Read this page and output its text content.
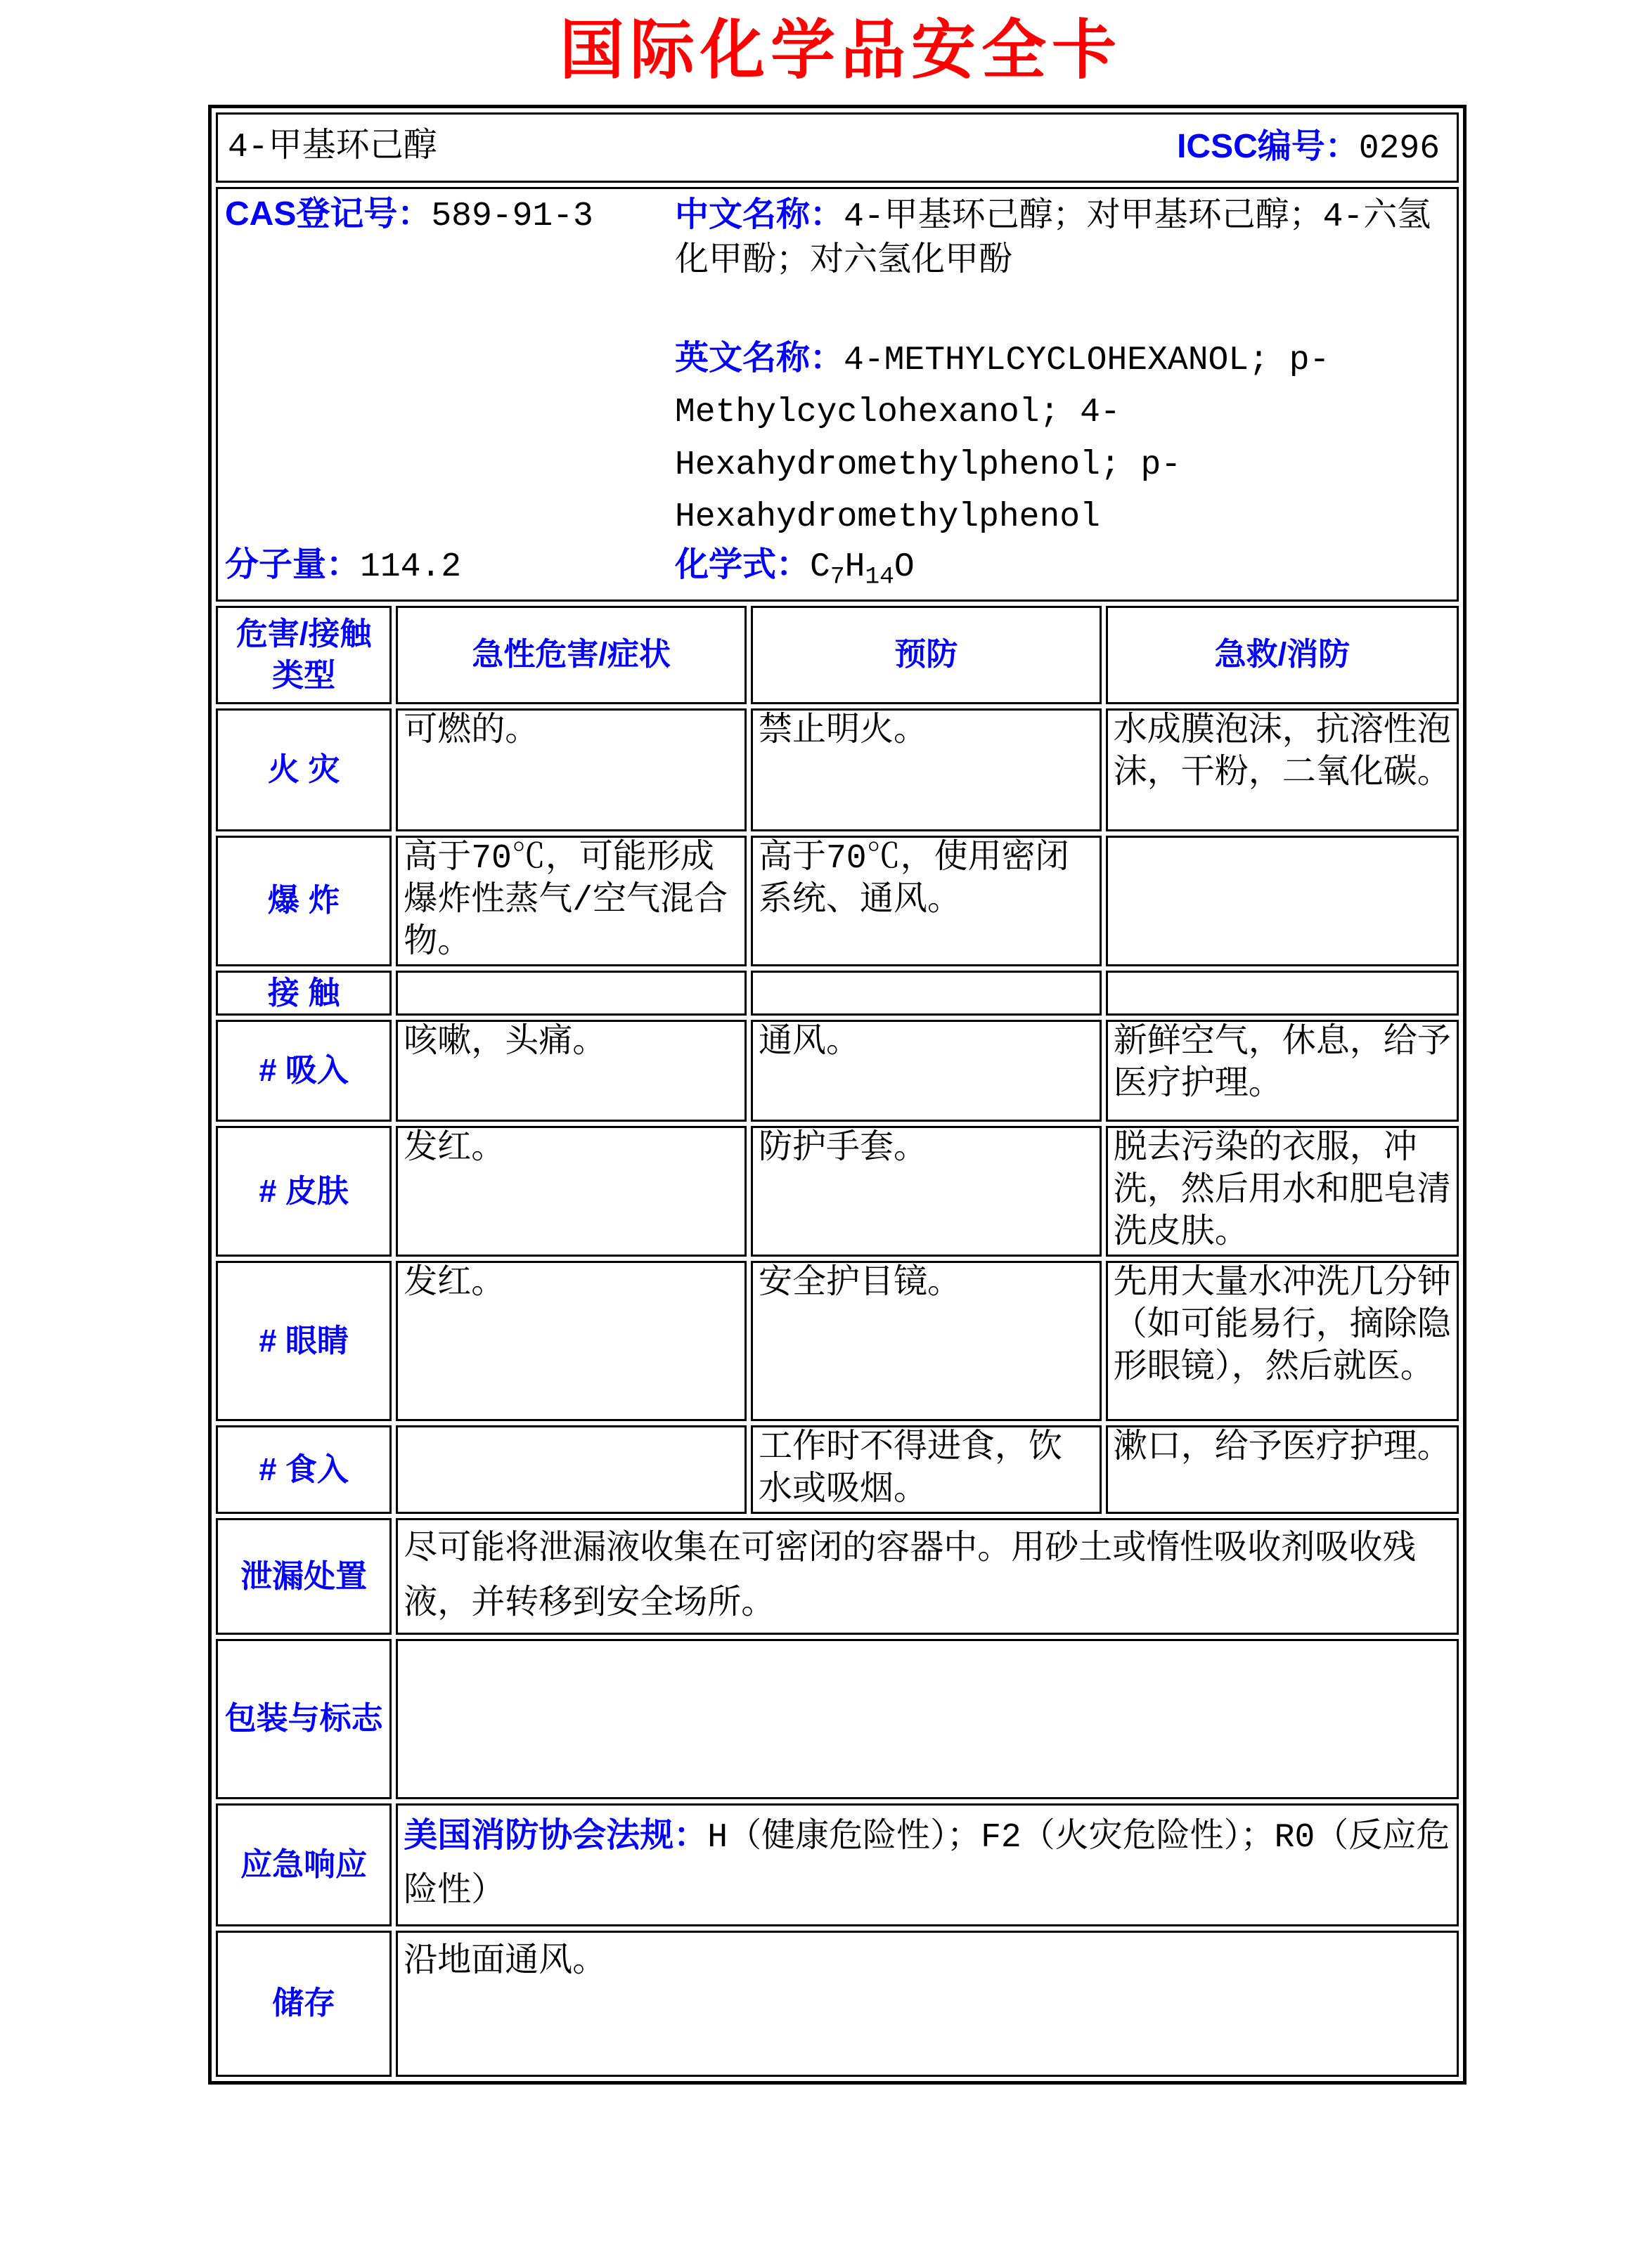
国际化学品安全卡
4-甲基环己醇 ICSC编号：0296			

CAS登记号：589-91-3
分子量：114.2
中文名称：4-甲基环己醇；对甲基环己醇；4-六氢化甲酚；对六氢化甲酚
英文名称：4-METHYLCYCLOHEXANOL; p-Methylcyclohexanol; 4-Hexahydromethylphenol; p-Hexahydromethylphenol
化学式：$C_7H_{14}O$			

危害/接触类型	急性危害/症状	预防	急救/消防
火 灾	可燃的。	禁止明火。	水成膜泡沫，抗溶性泡沫，干粉，二氧化碳。
爆 炸	高于70℃，可能形成爆炸性蒸气/空气混合物。	高于70℃，使用密闭系统、通风。	
接 触			
# 吸入	咳嗽，头痛。	通风。	新鲜空气，休息，给予医疗护理。
# 皮肤	发红。	防护手套。	脱去污染的衣服，冲洗，然后用水和肥皂清洗皮肤。
# 眼睛	发红。	安全护目镜。	先用大量水冲洗几分钟（如可能易行，摘除隐形眼镜），然后就医。
# 食入		工作时不得进食，饮水或吸烟。	漱口，给予医疗护理。
泄漏处置	尽可能将泄漏液收集在可密闭的容器中。用砂土或惰性吸收剂吸收残液，并转移到安全场所。		
包装与标志			
应急响应	美国消防协会法规：H（健康危险性）；F2（火灾危险性）；R0（反应危险性）		
储存	沿地面通风。		
